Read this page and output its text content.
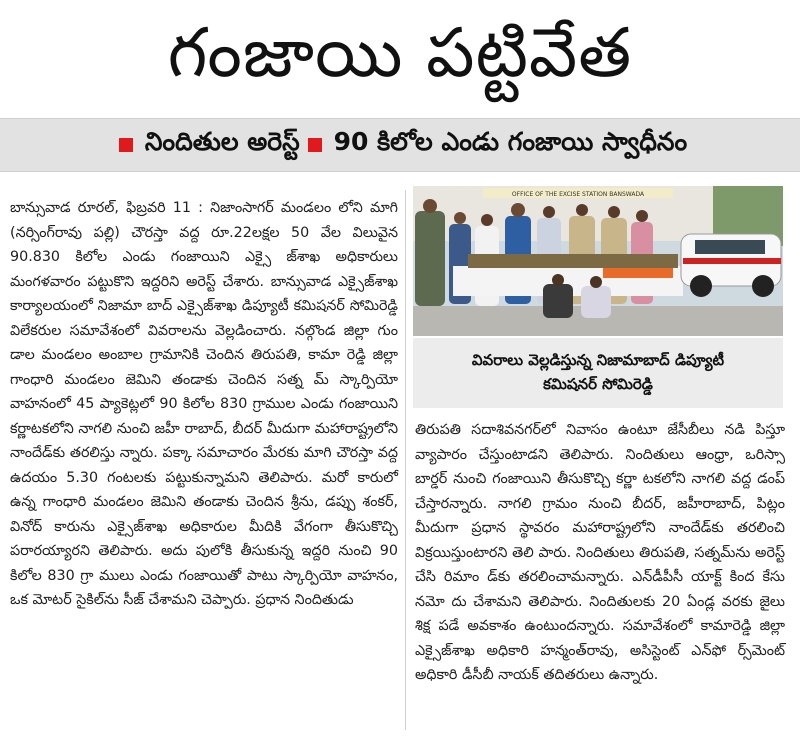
గంజాయి పట్టివేత
నిందితుల అరెస్ట్ 90 కిలోల ఎండు గంజాయి స్వాధీనం

బాన్సువాడ రూరల్, ఫిబ్రవరి 11 : నిజాంసాగర్ మండలం లోని మాగి (నర్సింగ్‌రావు పల్లి) చౌరస్తా వద్ద రూ.22లక్షల 50 వేల విలువైన 90.830 కిలోల ఎండు గంజాయిని ఎక్సై జ్‌శాఖ అధికారులు మంగళవారం పట్టుకొని ఇద్దరిని అరెస్ట్ చేశారు. బాన్సువాడ ఎక్సైజ్‌శాఖ కార్యాలయంలో నిజామా బాద్ ఎక్సైజ్‌శాఖ డిప్యూటీ కమిషనర్ సోమిరెడ్డి విలేకరుల సమావేశంలో వివరాలను వెల్లడించారు. నల్గొండ జిల్లా గుం డాల మండలం అంబాల గ్రామానికి చెందిన తిరుపతి, కామా రెడ్డి జిల్లా గాంధారి మండలం జెమిని తండాకు చెందిన సత్న మ్ స్కార్పియో వాహనంలో 45 ప్యాకెట్లలో 90 కిలోల 830 గ్రాముల ఎండు గంజాయిని కర్ణాటకలోని నాగలి నుంచి జహీ రాబాద్, బీదర్ మీదుగా మహారాష్ట్రలోని నాందేడ్‌కు తరలిస్తు న్నారు. పక్కా సమాచారం మేరకు మాగి చౌరస్తా వద్ద ఉదయం 5.30 గంటలకు పట్టుకున్నామని తెలిపారు. మరో కారులో ఉన్న గాంధారి మండలం జెమిని తండాకు చెందిన శ్రీను, డప్పు శంకర్, వినోద్ కారును ఎక్సైజ్‌శాఖ అధికారుల మీదికి వేగంగా తీసుకొచ్చి పరారయ్యారని తెలిపారు. అదు పులోకి తీసుకున్న ఇద్దరి నుంచి 90 కిలోల 830 గ్రా ములు ఎండు గంజాయితో పాటు స్కార్పియో వాహనం, ఒక మోటర్ సైకిల్‌ను సీజ్ చేశామని చెప్పారు. ప్రధాన నిందితుడు

OFFICE OF THE EXCISE STATION BANSWADA
వివరాలు వెల్లడిస్తున్న నిజామాబాద్ డిప్యూటీ
కమిషనర్ సోమిరెడ్డి

తిరుపతి సదాశివనగర్‌లో నివాసం ఉంటూ జేసీబీలు నడి పిస్తూ వ్యాపారం చేస్తుంటాడని తెలిపారు. నిందితులు ఆంధ్రా, ఒరిస్సా బార్డర్ నుంచి గంజాయిని తీసుకొచ్చి కర్ణా టకలోని నాగలి వద్ద డంప్ చేస్తారన్నారు. నాగలి గ్రామం నుంచి బీదర్, జహీరాబాద్, పిట్లం మీదుగా ప్రధాన స్థావరం మహారాష్ట్రలోని నాందేడ్‌కు తరలించి విక్రయిస్తుంటారని తెలి పారు. నిందితులు తిరుపతి, సత్నమ్‌ను అరెస్ట్ చేసి రిమాం డ్‌కు తరలించామన్నారు. ఎన్‌డీపీసీ యాక్ట్ కింద కేసు నమో దు చేశామని తెలిపారు. నిందితులకు 20 ఏండ్ల వరకు జైలు శిక్ష పడే అవకాశం ఉంటుందన్నారు. సమావేశంలో కామారెడ్డి జిల్లా ఎక్సైజ్‌శాఖ అధికారి హన్మంత్‌రావు, అసిస్టెంట్ ఎన్‌ఫో ర్స్‌మెంట్ అధికారి డీసీబీ నాయక్ తదితరులు ఉన్నారు.
